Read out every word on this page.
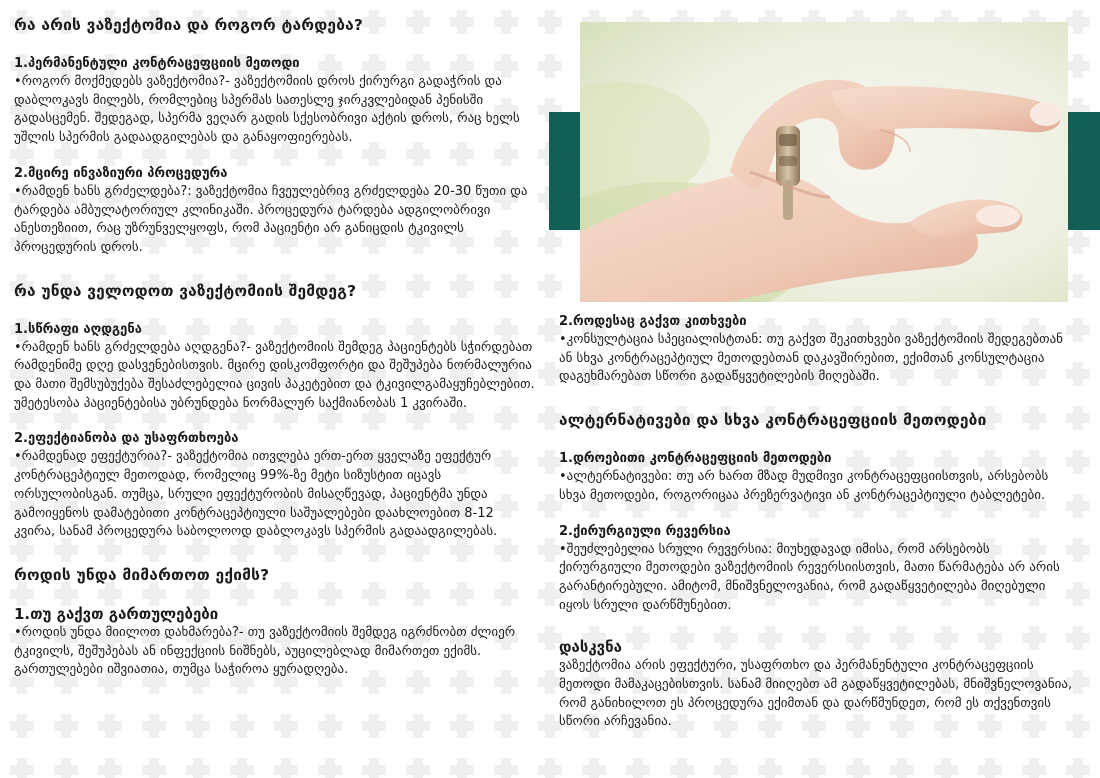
რა არის ვაზექტომია და როგორ ტარდება?
1.პერმანენტული კონტრაცეფციის მეთოდი

•როგორ მოქმედებს ვაზექტომია?- ვაზექტომიის დროს ქირურგი გადაჭრის და დაბლოკავს მილებს, რომლებიც სპერმას სათესლე ჯირკვლებიდან პენისში გადასცემენ. შედეგად, სპერმა ვეღარ გადის სქესობრივი აქტის დროს, რაც ხელს უშლის სპერმის გადაადგილებას და განაყოფიერებას.

2.მცირე ინვაზიური პროცედურა

•რამდენ ხანს გრძელდება?: ვაზექტომია ჩვეულებრივ გრძელდება 20-30 წუთი და ტარდება ამბულატორიულ კლინიკაში. პროცედურა ტარდება ადგილობრივი ანესთეზიით, რაც უზრუნველყოფს, რომ პაციენტი არ განიცდის ტკივილს პროცედურის დროს.

რა უნდა ველოდოთ ვაზექტომიის შემდეგ?
1.სწრაფი აღდგენა

•რამდენ ხანს გრძელდება აღდგენა?- ვაზექტომიის შემდეგ პაციენტებს სჭირდებათ რამდენიმე დღე დასვენებისთვის. მცირე დისკომფორტი და შეშუპება ნორმალურია და მათი შემსუბუქება შესაძლებელია ცივის პაკეტებით და ტკივილგამაყუჩებლებით. უმეტესობა პაციენტებისა უბრუნდება ნორმალურ საქმიანობას 1 კვირაში.

2.ეფექტიანობა და უსაფრთხოება

•რამდენად ეფექტურია?- ვაზექტომია ითვლება ერთ-ერთ ყველაზე ეფექტურ კონტრაცეპტიულ მეთოდად, რომელიც 99%-ზე მეტი სიზუსტით იცავს ორსულობისგან. თუმცა, სრული ეფექტურობის მისაღწევად, პაციენტმა უნდა გამოიყენოს დამატებითი კონტრაცეპტიული საშუალებები დაახლოებით 8-12 კვირა, სანამ პროცედურა საბოლოოდ დაბლოკავს სპერმის გადაადგილებას.

როდის უნდა მიმართოთ ექიმს?
1.თუ გაქვთ გართულებები

•როდის უნდა მიილოთ დახმარება?- თუ ვაზექტომიის შემდეგ იგრძნობთ ძლიერ ტკივილს, შეშუპებას ან ინფექციის ნიშნებს, აუცილებლად მიმართეთ ექიმს. გართულებები იშვიათია, თუმცა საჭიროა ყურადღება.

2.როდესაც გაქვთ კითხვები

•კონსულტაცია სპეციალისტთან: თუ გაქვთ შეკითხვები ვაზექტომიის შედეგებთან ან სხვა კონტრაცეპტიულ მეთოდებთან დაკავშირებით, ექიმთან კონსულტაცია დაგეხმარებათ სწორი გადაწყვეტილების მიღებაში.

ალტერნატივები და სხვა კონტრაცეფციის მეთოდები
1.დროებითი კონტრაცეფციის მეთოდები

•ალტერნატივები: თუ არ ხართ მზად მუდმივი კონტრაცეფციისთვის, არსებობს სხვა მეთოდები, როგორიცაა პრეზერვატივი ან კონტრაცეპტიული ტაბლეტები.

2.ქირურგიული რევერსია

•შეუძლებელია სრული რევერსია: მიუხედავად იმისა, რომ არსებობს ქირურგიული მეთოდები ვაზექტომიის რევერსიისთვის, მათი წარმატება არ არის გარანტირებული. ამიტომ, მნიშვნელოვანია, რომ გადაწყვეტილება მიღებული იყოს სრული დარწმუნებით.

დასკვნა

ვაზექტომია არის ეფექტური, უსაფრთხო და პერმანენტული კონტრაცეფციის მეთოდი მამაკაცებისთვის. სანამ მიიღებთ ამ გადაწყვეტილებას, მნიშვნელოვანია, რომ განიხილოთ ეს პროცედურა ექიმთან და დარწმუნდეთ, რომ ეს თქვენთვის სწორი არჩევანია.
